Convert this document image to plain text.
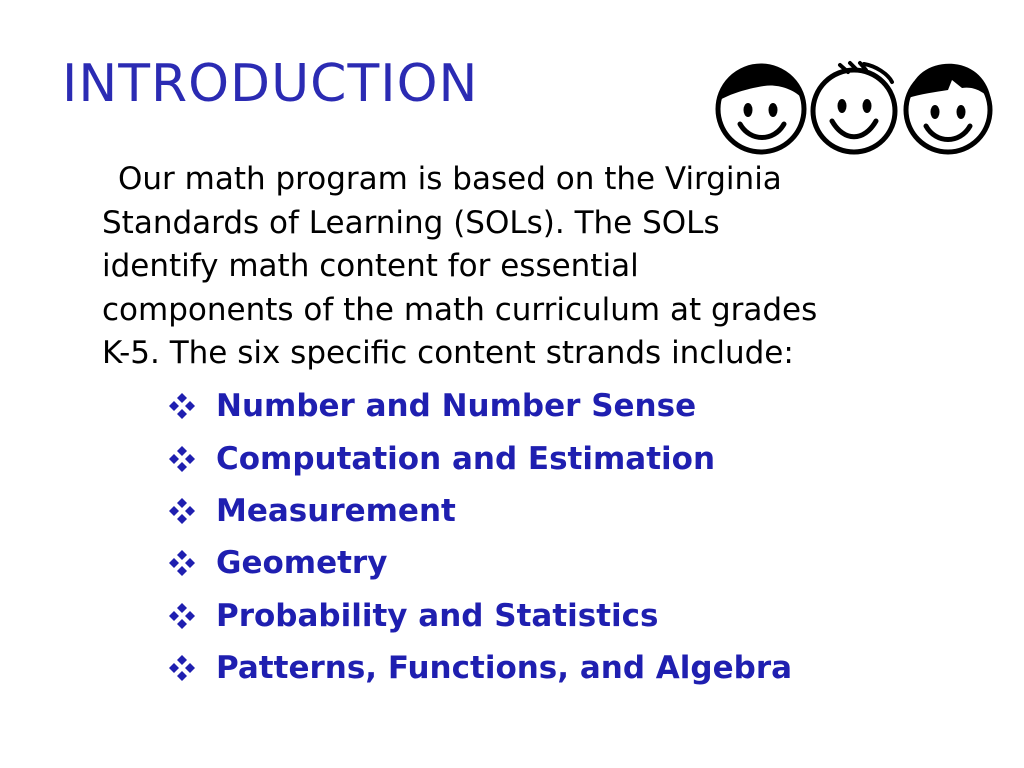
INTRODUCTION

Our math program is based on the Virginia
Standards of Learning (SOLs). The SOLs
identify math content for essential
components of the math curriculum at grades
K-5. The six specific content strands include:

Number and Number Sense
Computation and Estimation
Measurement
Geometry
Probability and Statistics
Patterns, Functions, and Algebra
